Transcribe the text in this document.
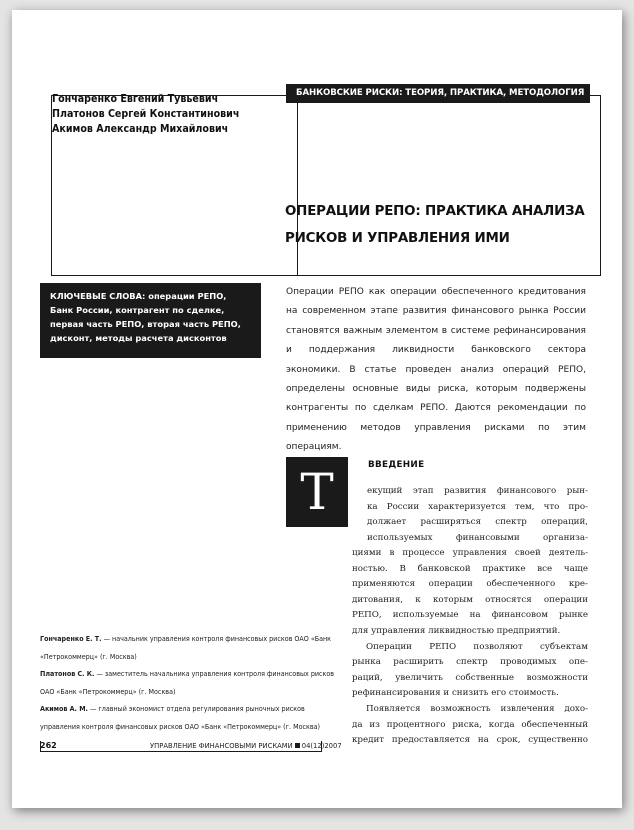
Гончаренко Евгений Тувьевич
Платонов Сергей Константинович
Акимов Александр Михайлович
БАНКОВСКИЕ РИСКИ: ТЕОРИЯ, ПРАКТИКА, МЕТОДОЛОГИЯ
ОПЕРАЦИИ РЕПО: ПРАКТИКА АНАЛИЗА
РИСКОВ И УПРАВЛЕНИЯ ИМИ
КЛЮЧЕВЫЕ СЛОВА: операции РЕПО, Банк России, контрагент по сделке, первая часть РЕПО, вторая часть РЕПО, дисконт, методы расчета дисконтов
Операции РЕПО как операции обеспеченного кредитования на современном этапе развития финансового рынка России становятся важным элементом в системе рефинансирования и поддержания ликвидности банковского сектора экономики. В статье проведен анализ операций РЕПО, определены основные виды риска, которым подвержены контрагенты по сделкам РЕПО. Даются рекомендации по применению методов управления рисками по этим операциям.
Т	ВВЕДЕНИЕ
екущий этап развития финансового рын-
ка России характеризуется тем, что про-
должает расширяться спектр операций,
используемых финансовыми организа-
циями в процессе управления своей деятель-
ностью. В банковской практике все чаще
применяются операции обеспеченного кре-
дитования, к которым относятся операции
РЕПО, используемые на финансовом рынке
для управления ликвидностью предприятий.
Операции РЕПО позволяют субъектам
рынка расширить спектр проводимых опе-
раций, увеличить собственные возможности
рефинансирования и снизить его стоимость.
Появляется возможность извлечения дохо-
да из процентного риска, когда обеспеченный
кредит предоставляется на срок, существенно

Гончаренко Е. Т. — начальник управления контроля финансовых рисков ОАО «Банк «Петрокоммерц» (г. Москва)

Платонов С. К. — заместитель начальника управления контроля финансовых рисков ОАО «Банк «Петрокоммерц» (г. Москва)

Акимов А. М. — главный экономист отдела регулирования рыночных рисков управления контроля финансовых рисков ОАО «Банк «Петрокоммерц» (г. Москва)

262	УПРАВЛЕНИЕ ФИНАНСОВЫМИ РИСКАМИ 04(12)2007
